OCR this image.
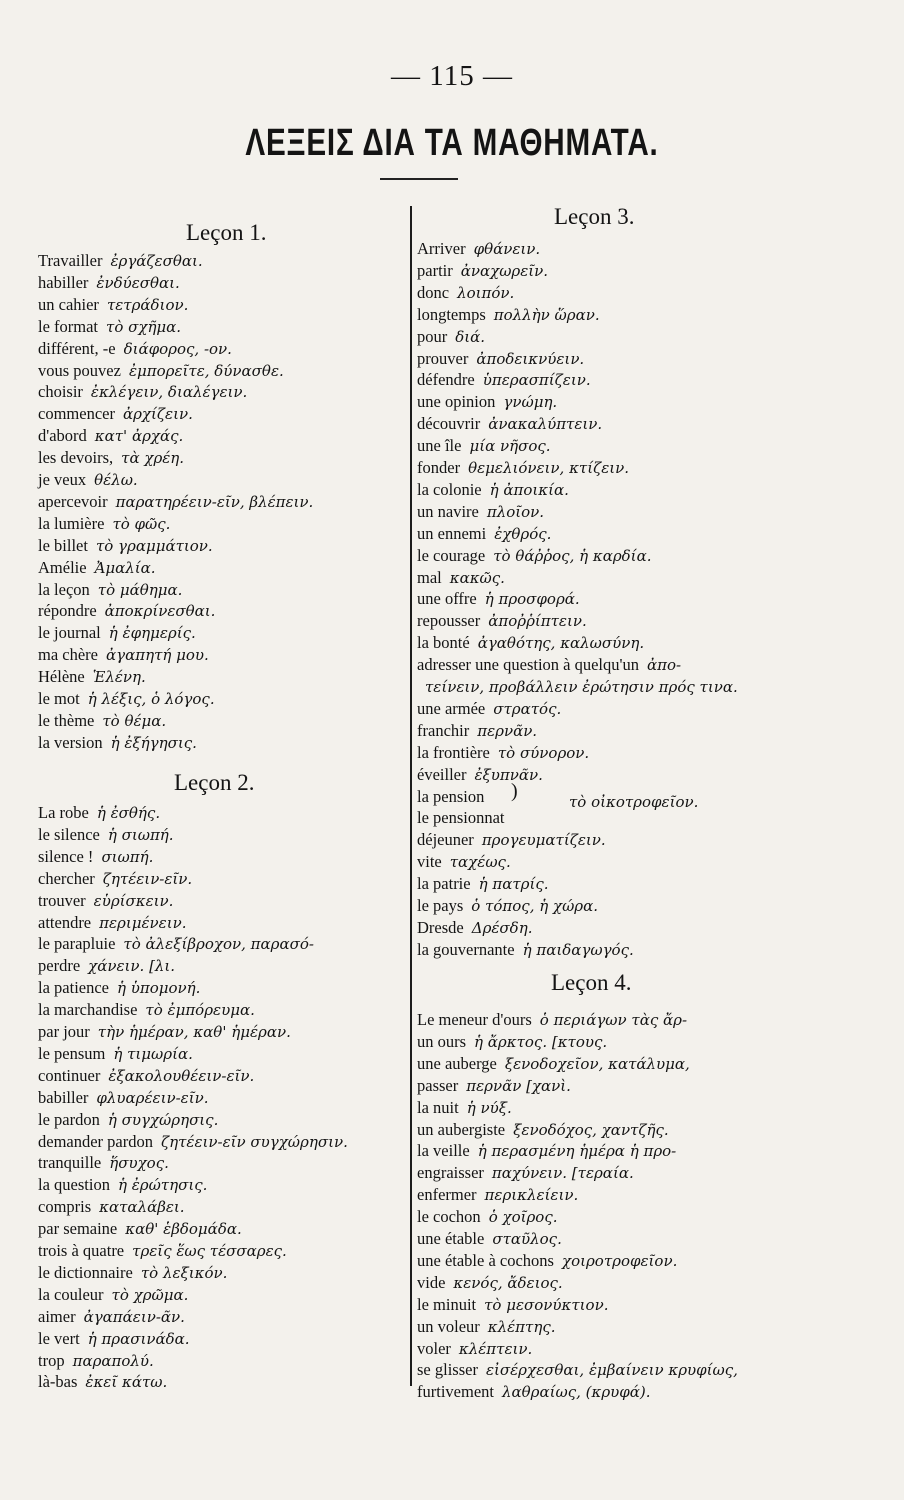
— 115 —
ΛΕΞΕΙΣ ΔΙΑ ΤΑ ΜΑΘΗΜΑΤΑ.
Leçon 1.
Travailler ἐργάζεσθαι.
habiller ἐνδύεσθαι.
un cahier τετράδιον.
le format τὸ σχῆμα.
différent, -e διάφορος, -ον.
vous pouvez ἐμπορεῖτε, δύνασθε.
choisir ἐκλέγειν, διαλέγειν.
commencer ἀρχίζειν.
d'abord κατ' ἀρχάς.
les devoirs, τὰ χρέη.
je veux θέλω.
apercevoir παρατηρέειν-εῖν, βλέπειν.
la lumière τὸ φῶς.
le billet τὸ γραμμάτιον.
Amélie Ἀμαλία.
la leçon τὸ μάθημα.
répondre ἀποκρίνεσθαι.
le journal ἡ ἐφημερίς.
ma chère ἀγαπητή μου.
Hélène Ἑλένη.
le mot ἡ λέξις, ὁ λόγος.
le thème τὸ θέμα.
la version ἡ ἐξήγησις.
Leçon 2.
La robe ἡ ἐσθής.
le silence ἡ σιωπή.
silence ! σιωπή.
chercher ζητέειν-εῖν.
trouver εὑρίσκειν.
attendre περιμένειν.
le parapluie τὸ ἀλεξίβροχον, παρασό-
perdre χάνειν. [λι.
la patience ἡ ὑπομονή.
la marchandise τὸ ἐμπόρευμα.
par jour τὴν ἡμέραν, καθ' ἡμέραν.
le pensum ἡ τιμωρία.
continuer ἐξακολουθέειν-εῖν.
babiller φλυαρέειν-εῖν.
le pardon ἡ συγχώρησις.
demander pardon ζητέειν-εῖν συγχώρησιν.
tranquille ἥσυχος.
la question ἡ ἐρώτησις.
compris καταλάβει.
par semaine καθ' ἑβδομάδα.
trois à quatre τρεῖς ἕως τέσσαρες.
le dictionnaire τὸ λεξικόν.
la couleur τὸ χρῶμα.
aimer ἀγαπάειν-ᾶν.
le vert ἡ πρασινάδα.
trop παραπολύ.
là-bas ἐκεῖ κάτω.
Leçon 3.
Arriver φθάνειν.
partir ἀναχωρεῖν.
donc λοιπόν.
longtemps πολλὴν ὥραν.
pour διά.
prouver ἀποδεικνύειν.
défendre ὑπερασπίζειν.
une opinion γνώμη.
découvrir ἀνακαλύπτειν.
une île μία νῆσος.
fonder θεμελιόνειν, κτίζειν.
la colonie ἡ ἀποικία.
un navire πλοῖον.
un ennemi ἐχθρός.
le courage τὸ θάῤῥος, ἡ καρδία.
mal κακῶς.
une offre ἡ προσφορά.
repousser ἀποῤῥίπτειν.
la bonté ἀγαθότης, καλωσύνη.
adresser une question à quelqu'un ἀπο-
τείνειν, προβάλλειν ἐρώτησιν πρός τινα.
une armée στρατός.
franchir περνᾶν.
la frontière τὸ σύνορον.
éveiller ἐξυπνᾶν.
la pension
le pensionnat
déjeuner προγευματίζειν.
vite ταχέως.
la patrie ἡ πατρίς.
le pays ὁ τόπος, ἡ χώρα.
Dresde Δρέσδη.
la gouvernante ἡ παιδαγωγός.
Leçon 4.
Le meneur d'ours ὁ περιάγων τὰς ἄρ-
un ours ἡ ἄρκτος. [κτους.
une auberge ξενοδοχεῖον, κατάλυμα,
passer περνᾶν [χανὶ.
la nuit ἡ νύξ.
un aubergiste ξενοδόχος, χαντζῆς.
la veille ἡ περασμένη ἡμέρα ἡ προ-
engraisser παχύνειν. [τεραία.
enfermer περικλείειν.
le cochon ὁ χοῖρος.
une étable σταῦλος.
une étable à cochons χοιροτροφεῖον.
vide κενός, ἄδειος.
le minuit τὸ μεσονύκτιον.
un voleur κλέπτης.
voler κλέπτειν.
se glisser εἰσέρχεσθαι, ἐμβαίνειν κρυφίως,
furtivement λαθραίως, (κρυφά).
)	τὸ οἰκοτροφεῖον.
